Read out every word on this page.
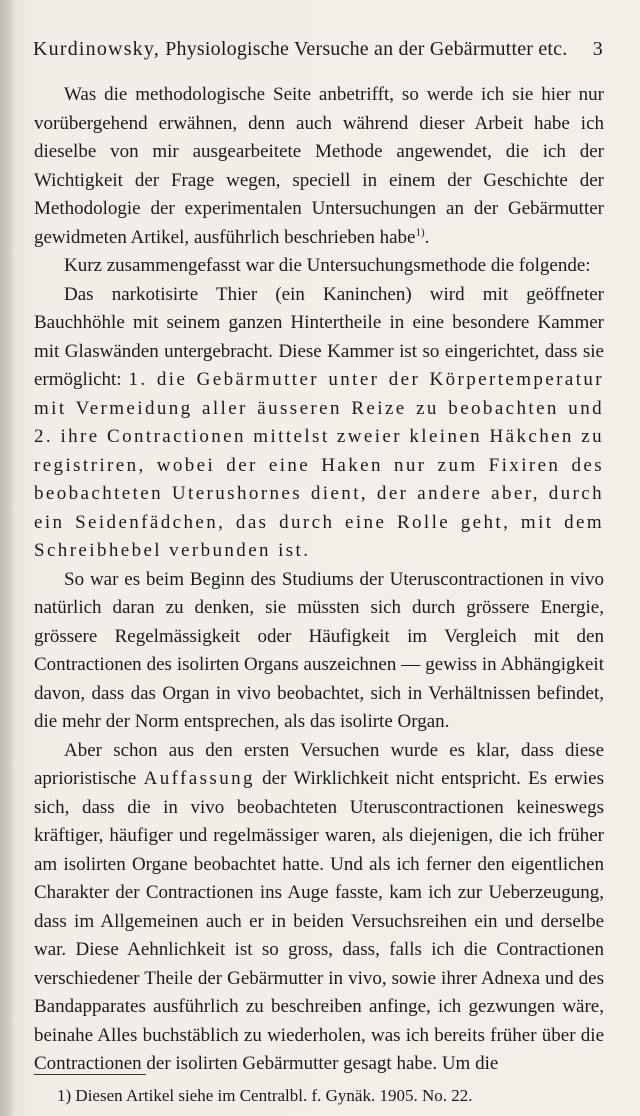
Kurdinowsky, Physiologische Versuche an der Gebärmutter etc. 3

Was die methodologische Seite anbetrifft, so werde ich sie hier nur vorübergehend erwähnen, denn auch während dieser Arbeit habe ich dieselbe von mir ausgearbeitete Methode angewendet, die ich der Wichtigkeit der Frage wegen, speciell in einem der Geschichte der Methodologie der experimentalen Untersuchungen an der Gebärmutter gewidmeten Artikel, ausführlich beschrieben habe$^{1)}$.

Kurz zusammengefasst war die Untersuchungsmethode die folgende:

Das narkotisirte Thier (ein Kaninchen) wird mit geöffneter Bauchhöhle mit seinem ganzen Hintertheile in eine besondere Kammer mit Glaswänden untergebracht. Diese Kammer ist so eingerichtet, dass sie ermöglicht: 1. die Gebärmutter unter der Körpertemperatur mit Vermeidung aller äusseren Reize zu beobachten und 2. ihre Contractionen mittelst zweier kleinen Häkchen zu registriren, wobei der eine Haken nur zum Fixiren des beobachteten Uterushornes dient, der andere aber, durch ein Seidenfädchen, das durch eine Rolle geht, mit dem Schreibhebel verbunden ist.

So war es beim Beginn des Studiums der Uteruscontractionen in vivo natürlich daran zu denken, sie müssten sich durch grössere Energie, grössere Regelmässigkeit oder Häufigkeit im Vergleich mit den Contractionen des isolirten Organs auszeichnen — gewiss in Abhängigkeit davon, dass das Organ in vivo beobachtet, sich in Verhältnissen befindet, die mehr der Norm entsprechen, als das isolirte Organ.

Aber schon aus den ersten Versuchen wurde es klar, dass diese aprioristische Auffassung der Wirklichkeit nicht entspricht. Es erwies sich, dass die in vivo beobachteten Uteruscontractionen keineswegs kräftiger, häufiger und regelmässiger waren, als diejenigen, die ich früher am isolirten Organe beobachtet hatte. Und als ich ferner den eigentlichen Charakter der Contractionen ins Auge fasste, kam ich zur Ueberzeugung, dass im Allgemeinen auch er in beiden Versuchsreihen ein und derselbe war. Diese Aehnlichkeit ist so gross, dass, falls ich die Contractionen verschiedener Theile der Gebärmutter in vivo, sowie ihrer Adnexa und des Bandapparates ausführlich zu beschreiben anfinge, ich gezwungen wäre, beinahe Alles buchstäblich zu wiederholen, was ich bereits früher über die Contractionen der isolirten Gebärmutter gesagt habe. Um die

1) Diesen Artikel siehe im Centralbl. f. Gynäk. 1905. No. 22.
